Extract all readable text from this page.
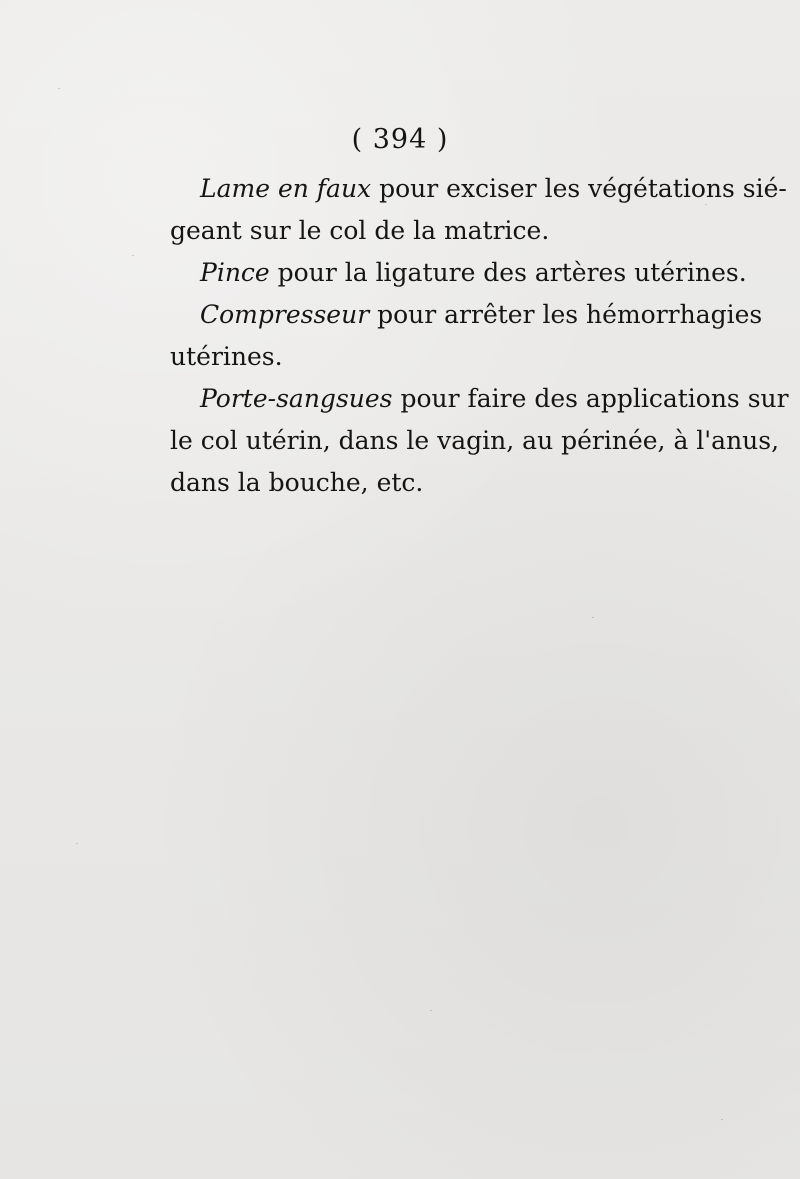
( 394 )
Lame en faux pour exciser les végétations sié-
geant sur le col de la matrice.
Pince pour la ligature des artères utérines.
Compresseur pour arrêter les hémorrhagies
utérines.
Porte-sangsues pour faire des applications sur
le col utérin, dans le vagin, au périnée, à l'anus,
dans la bouche, etc.
